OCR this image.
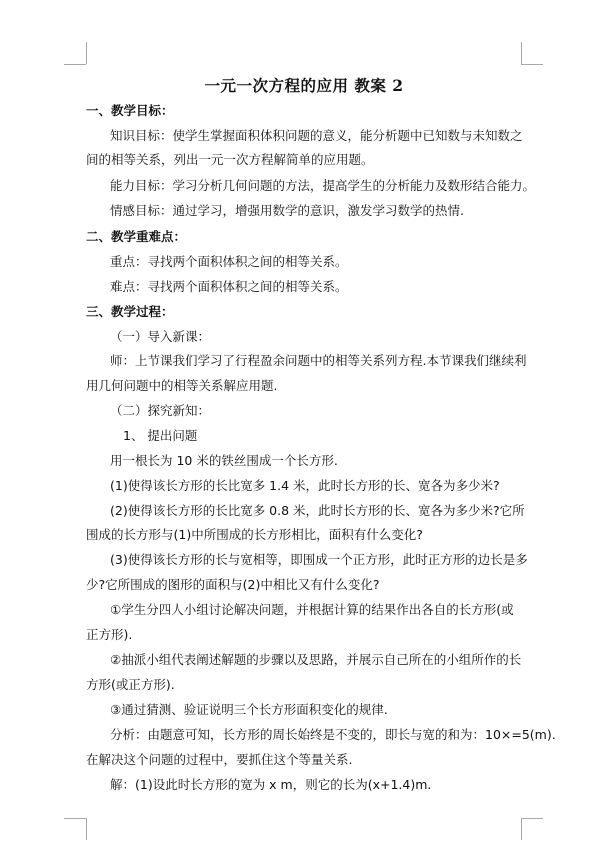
一元一次方程的应用 教案 2
一、教学目标：
知识目标：使学生掌握面积体积问题的意义，能分析题中已知数与未知数之
间的相等关系，列出一元一次方程解简单的应用题。
能力目标：学习分析几何问题的方法，提高学生的分析能力及数形结合能力。
情感目标：通过学习，增强用数学的意识，激发学习数学的热情.
二、教学重难点：
重点：寻找两个面积体积之间的相等关系。
难点：寻找两个面积体积之间的相等关系。
三、教学过程：
（一）导入新课：
师：上节课我们学习了行程盈余问题中的相等关系列方程.本节课我们继续利
用几何问题中的相等关系解应用题.
（二）探究新知：
1、 提出问题
用一根长为 10 米的铁丝围成一个长方形.
(1)使得该长方形的长比宽多 1.4 米，此时长方形的长、宽各为多少米?
(2)使得该长方形的长比宽多 0.8 米，此时长方形的长、宽各为多少米?它所
围成的长方形与(1)中所围成的长方形相比，面积有什么变化?
(3)使得该长方形的长与宽相等，即围成一个正方形，此时正方形的边长是多
少?它所围成的图形的面积与(2)中相比又有什么变化?
①学生分四人小组讨论解决问题，并根据计算的结果作出各自的长方形(或
正方形).
②抽派小组代表阐述解题的步骤以及思路，并展示自己所在的小组所作的长
方形(或正方形).
③通过猜测、验证说明三个长方形面积变化的规律.
分析：由题意可知，长方形的周长始终是不变的，即长与宽的和为：10×=5(m).
在解决这个问题的过程中，要抓住这个等量关系.
解：(1)设此时长方形的宽为 x m，则它的长为(x+1.4)m.
